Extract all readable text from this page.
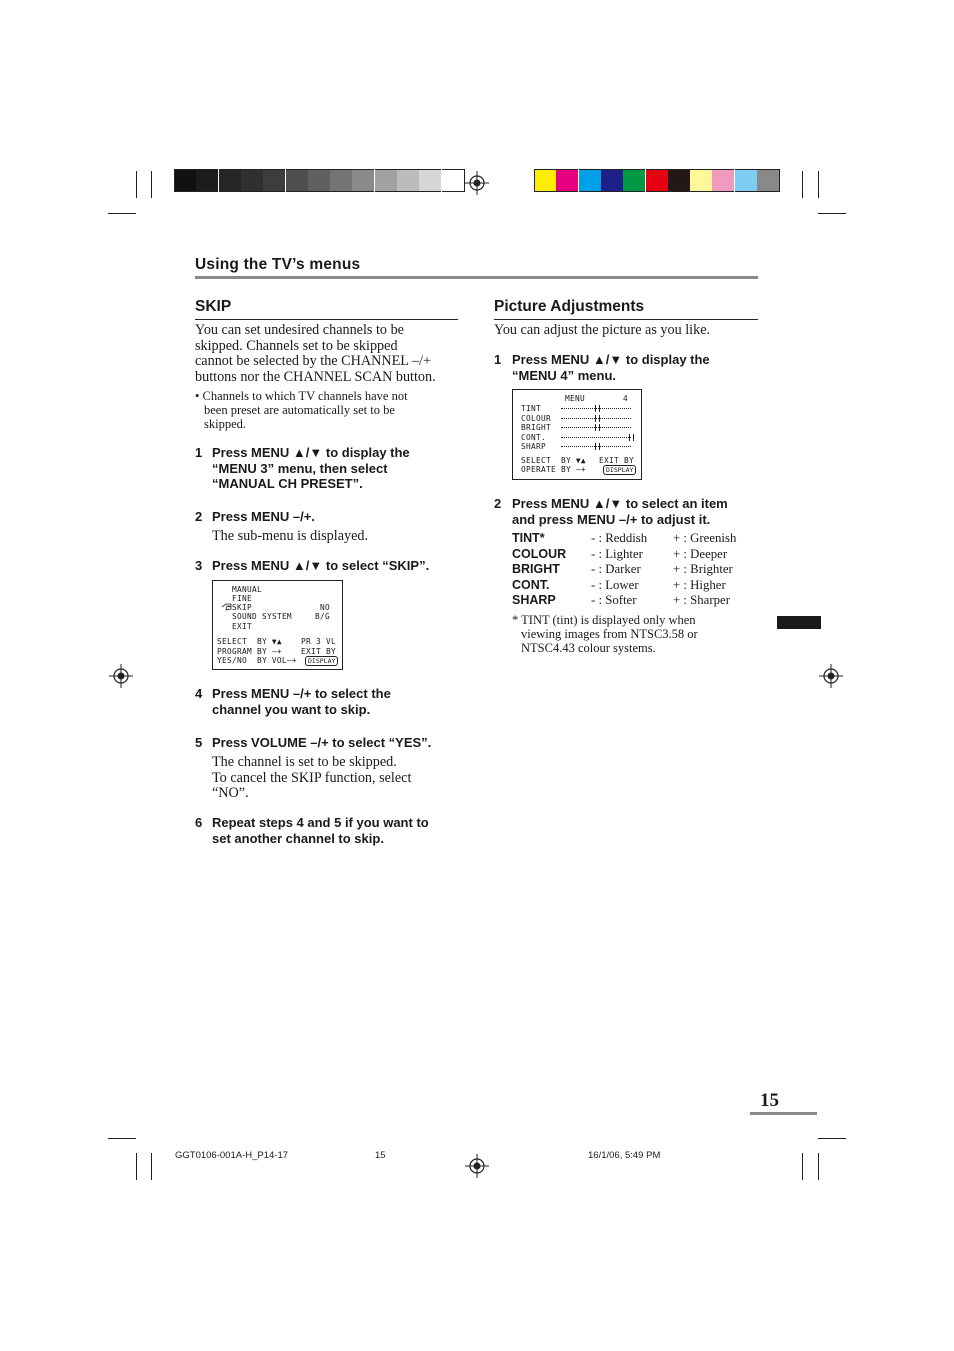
Using the TV’s menus
SKIP
You can set undesired channels to be
skipped. Channels set to be skipped
cannot be selected by the CHANNEL –/+
buttons nor the CHANNEL SCAN button.
• Channels to which TV channels have not
been preset are automatically set to be
skipped.
1 Press MENU ▲/▼ to display the
“MENU 3” menu, then select
“MANUAL CH PRESET”.
2 Press MENU –/+.
The sub-menu is displayed.
3 Press MENU ▲/▼ to select “SKIP”.
MANUAL
FINE
SKIP	NO
SOUND SYSTEM	B/G
EXIT
SELECT  BY ▼▲ PR 3 VL
PROGRAM BY –+ EXIT BY
YES/NO  BY VOL–+	DISPLAY
4 Press MENU –/+ to select the
channel you want to skip.
5 Press VOLUME –/+ to select “YES”.
The channel is set to be skipped.
To cancel the SKIP function, select
“NO”.
6 Repeat steps 4 and 5 if you want to
set another channel to skip.
Picture Adjustments
You can adjust the picture as you like.
1 Press MENU ▲/▼ to display the
“MENU 4” menu.
MENU	4
TINT
COLOUR
BRIGHT
CONT.
SHARP
SELECT  BY ▼▲ EXIT BY
OPERATE BY –+	DISPLAY
2 Press MENU ▲/▼ to select an item
and press MENU –/+ to adjust it.
TINT*	- : Reddish + : Greenish
COLOUR - : Lighter + : Deeper
BRIGHT - : Darker	+ : Brighter
CONT.	- : Lower	+ : Higher
SHARP	- : Softer	+ : Sharper
* TINT (tint) is displayed only when
viewing images from NTSC3.58 or
NTSC4.43 colour systems.
15
GGT0106-001A-H_P14-17	15	16/1/06, 5:49 PM
